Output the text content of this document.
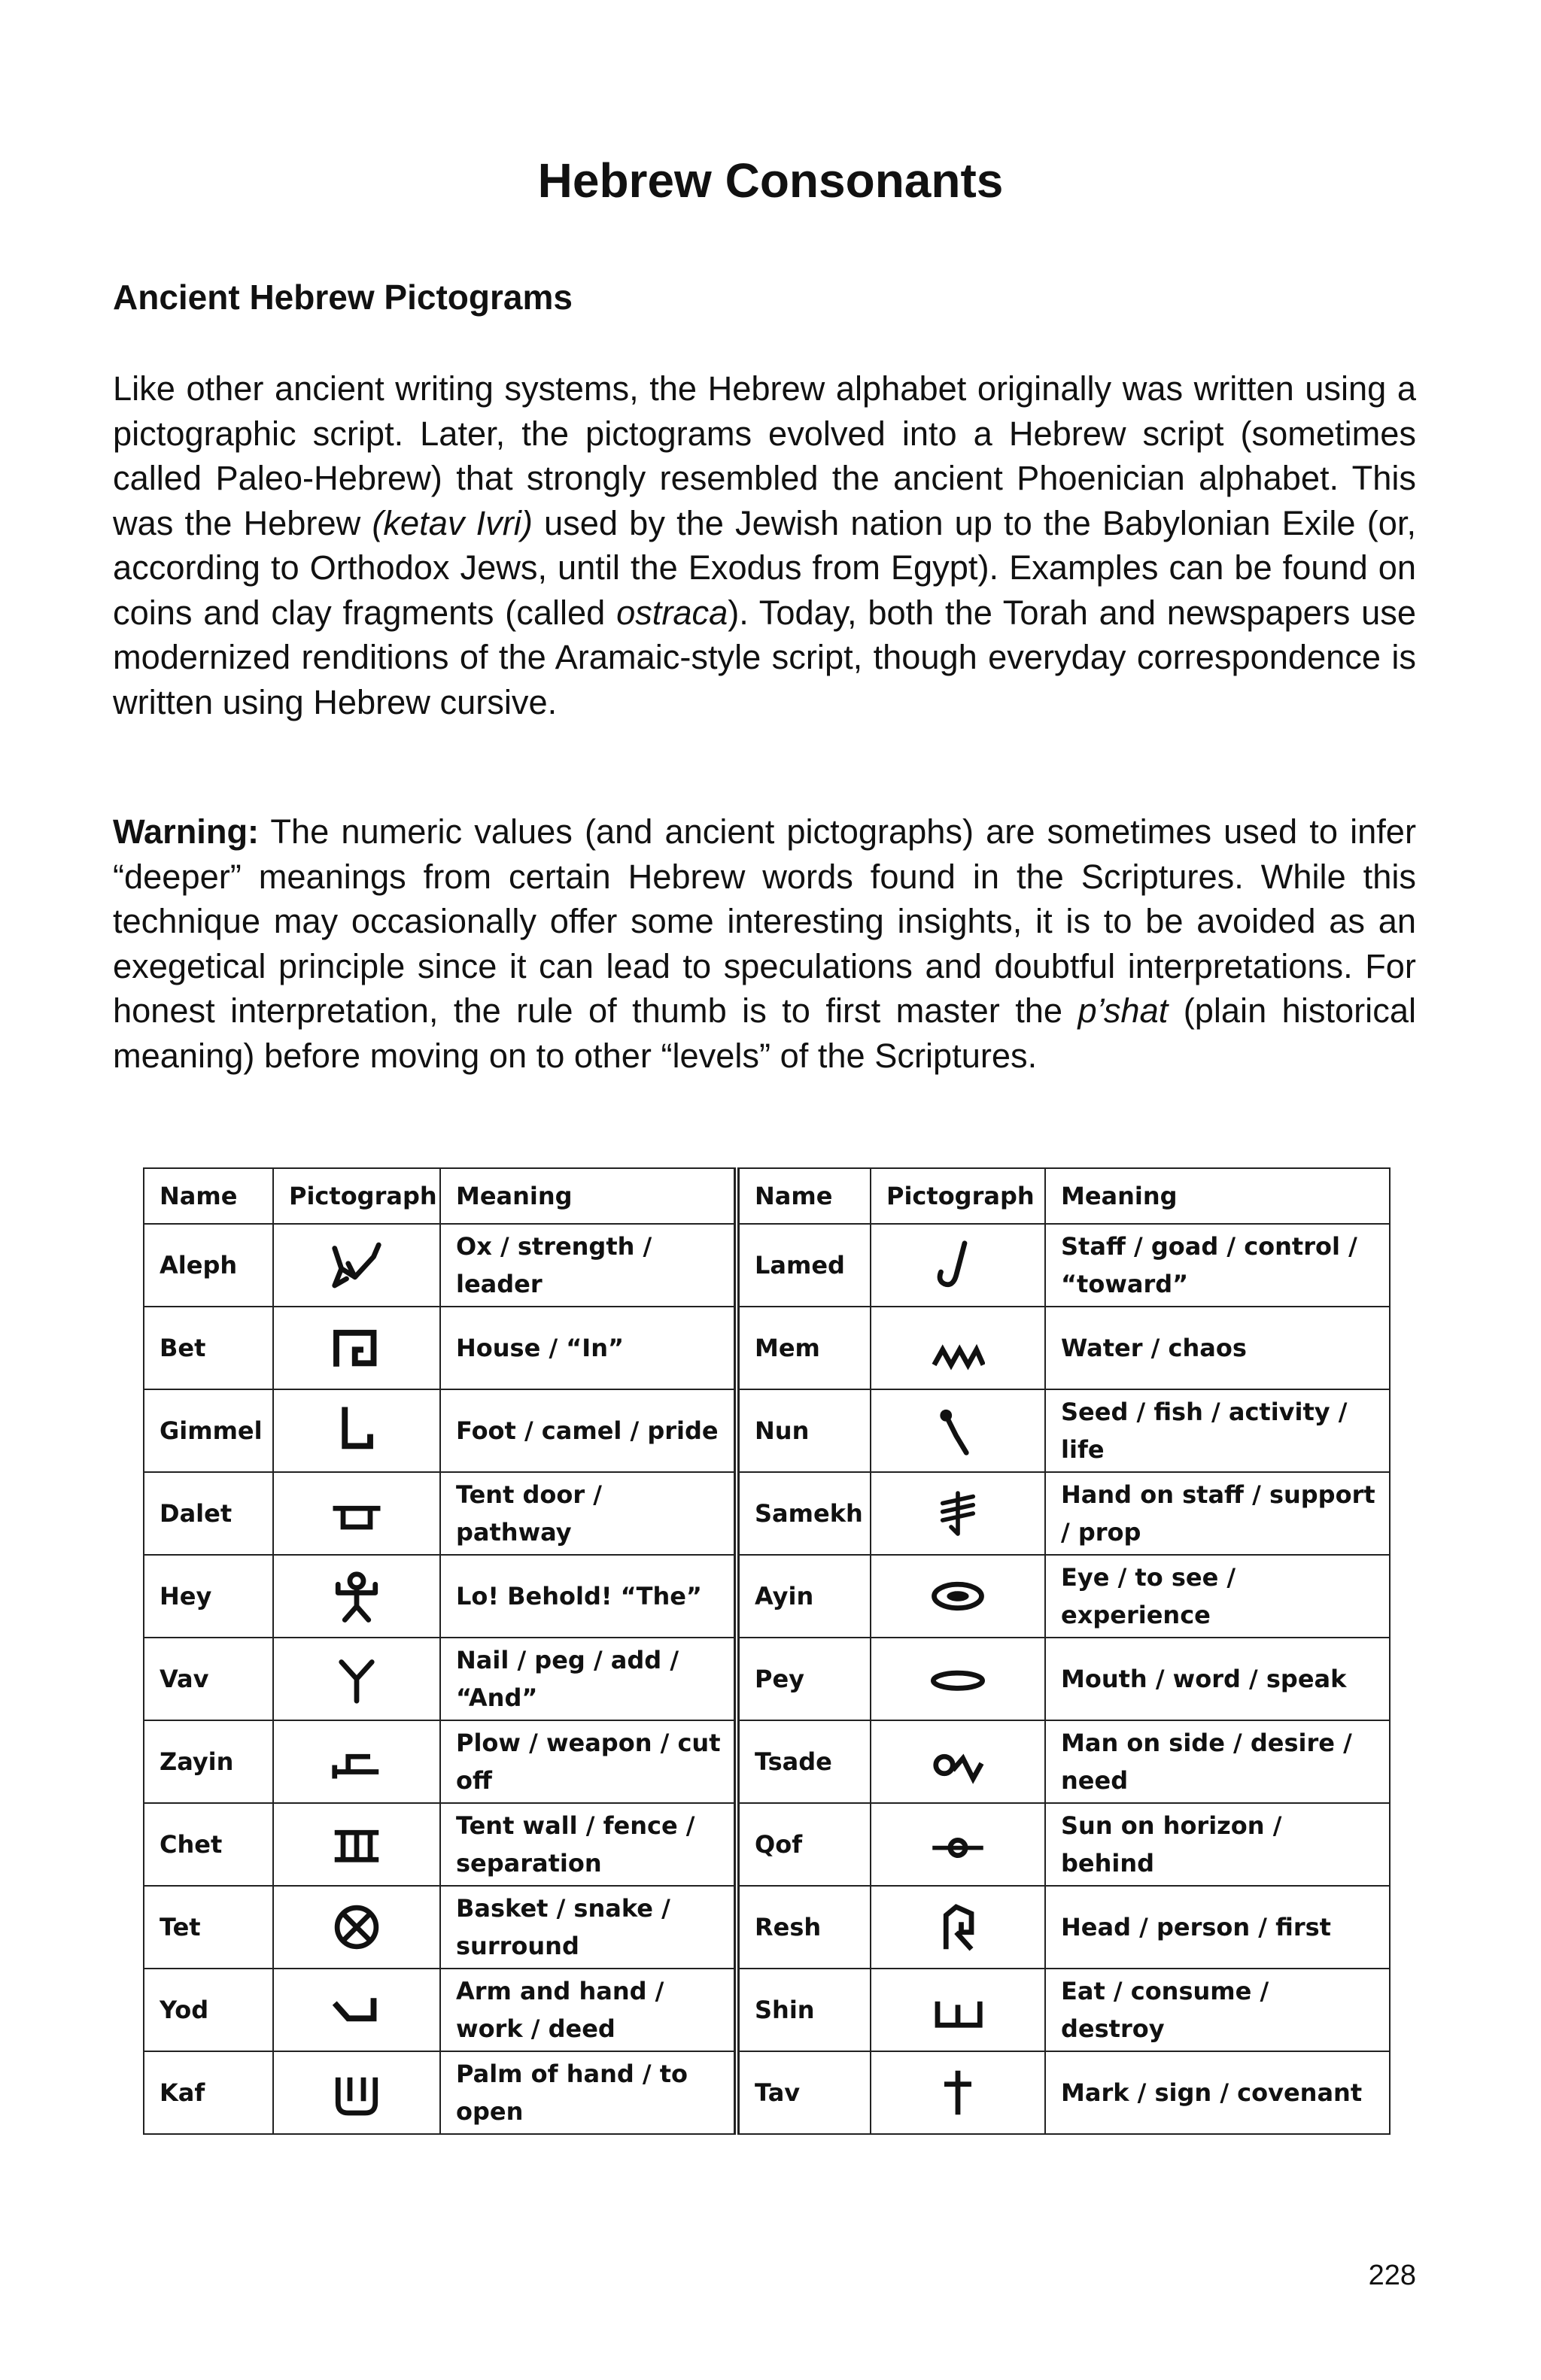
Hebrew Consonants
Ancient Hebrew Pictograms

Like other ancient writing systems, the Hebrew alphabet originally was written using a pictographic script. Later, the pictograms evolved into a Hebrew script (sometimes called Paleo-Hebrew) that strongly resembled the ancient Phoenician alphabet. This was the Hebrew (ketav Ivri) used by the Jewish nation up to the Babylonian Exile (or, according to Orthodox Jews, until the Exodus from Egypt). Examples can be found on coins and clay fragments (called ostraca). Today, both the Torah and newspapers use modernized renditions of the Aramaic-style script, though everyday correspondence is written using Hebrew cursive.

Warning: The numeric values (and ancient pictographs) are sometimes used to infer “deeper” meanings from certain Hebrew words found in the Scriptures. While this technique may occasionally offer some interesting insights, it is to be avoided as an exegetical principle since it can lead to speculations and doubtful interpretations. For honest interpretation, the rule of thumb is to first master the p’shat (plain historical meaning) before moving on to other “levels” of the Scriptures.

Name	Pictograph	Meaning	Name	Pictograph	Meaning
Aleph		Ox / strength / leader	Lamed		Staff / goad / control / “toward”
Bet		House / “In”	Mem		Water / chaos
Gimmel		Foot / camel / pride	Nun		Seed / fish / activity / life
Dalet		Tent door / pathway	Samekh		Hand on staff / support / prop
Hey		Lo! Behold! “The”	Ayin		Eye / to see / experience
Vav		Nail / peg / add / “And”	Pey		Mouth / word / speak
Zayin		Plow / weapon / cut off	Tsade		Man on side / desire / need
Chet		Tent wall / fence / separation	Qof		Sun on horizon / behind
Tet		Basket / snake / surround	Resh		Head / person / first
Yod		Arm and hand / work / deed	Shin		Eat / consume / destroy
Kaf		Palm of hand / to open	Tav		Mark / sign / covenant
228
